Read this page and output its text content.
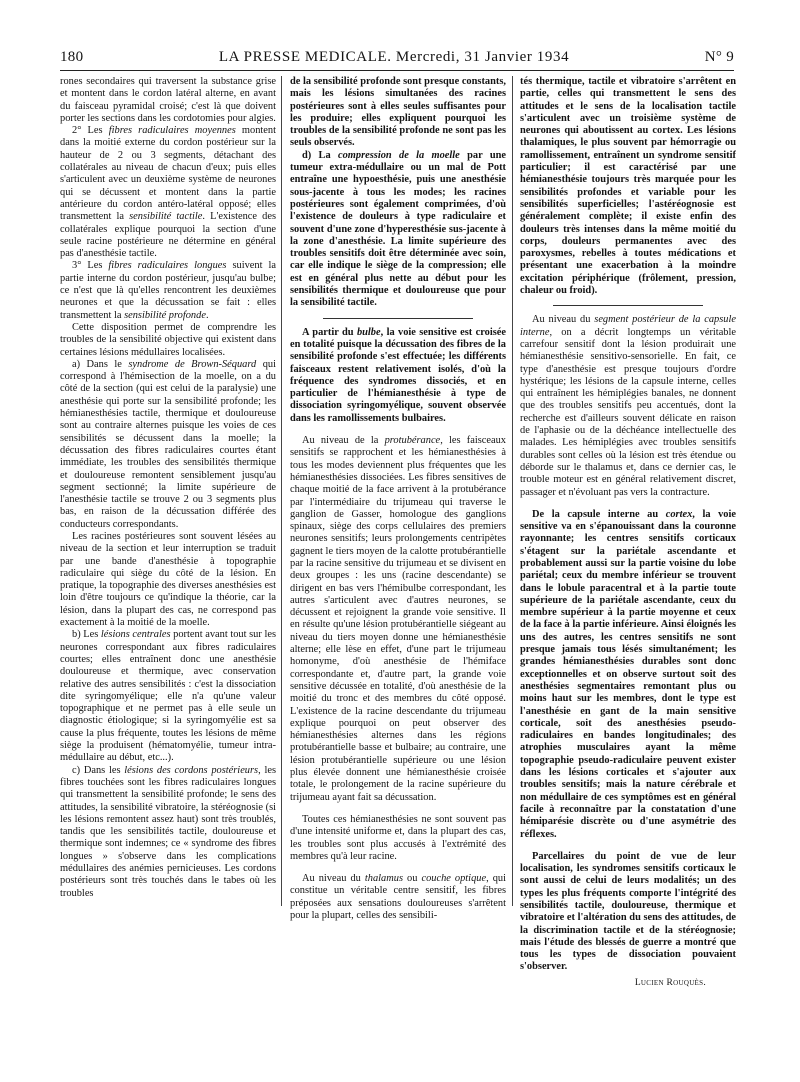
180	LA PRESSE MEDICALE. Mercredi, 31 Janvier 1934	N° 9

rones secondaires qui traversent la substance grise et montent dans le cordon latéral alterne, en avant du faisceau pyramidal croisé; c'est là que doivent porter les sections dans les cordotomies pour algies.

2° Les fibres radiculaires moyennes montent dans la moitié externe du cordon postérieur sur la hauteur de 2 ou 3 segments, détachant des collatérales au niveau de chacun d'eux; puis elles s'articulent avec un deuxième système de neurones qui se décussent et montent dans la partie antérieure du cordon antéro-latéral opposé; elles transmettent la sensibilité tactile. L'existence des collatérales explique pourquoi la section d'une seule racine postérieure ne détermine en général pas d'anesthésie tactile.

3° Les fibres radiculaires longues suivent la partie interne du cordon postérieur, jusqu'au bulbe; ce n'est que là qu'elles rencontrent les deuxièmes neurones et que la décussation se fait : elles transmettent la sensibilité profonde.

Cette disposition permet de comprendre les troubles de la sensibilité objective qui existent dans certaines lésions médullaires localisées.

a) Dans le syndrome de Brown-Séquard qui correspond à l'hémisection de la moelle, on a du côté de la section (qui est celui de la paralysie) une anesthésie qui porte sur la sensibilité profonde; les hémianesthésies tactile, thermique et douloureuse sont au contraire alternes puisque les voies de ces sensibilités se décussent dans la moelle; la décussation des fibres radiculaires courtes étant immédiate, les troubles des sensibilités thermique et douloureuse remontent sensiblement jusqu'au segment sectionné; la limite supérieure de l'anesthésie tactile se trouve 2 ou 3 segments plus bas, en raison de la décussation différée des conducteurs correspondants.

Les racines postérieures sont souvent lésées au niveau de la section et leur interruption se traduit par une bande d'anesthésie à topographie radiculaire qui siège du côté de la lésion. En pratique, la topographie des diverses anesthésies est loin d'être toujours ce qu'indique la théorie, car la lésion, dans la plupart des cas, ne correspond pas exactement à la moitié de la moelle.

b) Les lésions centrales portent avant tout sur les neurones correspondant aux fibres radiculaires courtes; elles entraînent donc une anesthésie douloureuse et thermique, avec conservation relative des autres sensibilités : c'est la dissociation dite syringomyélique; elle n'a qu'une valeur topographique et ne permet pas à elle seule un diagnostic étiologique; si la syringomyélie est sa cause la plus fréquente, toutes les lésions de même siège la produisent (hématomyélie, tumeur intra-médullaire au début, etc...).

c) Dans les lésions des cordons postérieurs, les fibres touchées sont les fibres radiculaires longues qui transmettent la sensibilité profonde; le sens des attitudes, la sensibilité vibratoire, la stéréognosie (si les lésions remontent assez haut) sont très troublés, tandis que les sensibilités tactile, douloureuse et thermique sont indemnes; ce « syndrome des fibres longues » s'observe dans les complications médullaires des anémies pernicieuses. Les cordons postérieurs sont très touchés dans le tabes où les troubles

de la sensibilité profonde sont presque constants, mais les lésions simultanées des racines postérieures sont à elles seules suffisantes pour les produire; elles expliquent pourquoi les troubles de la sensibilité profonde ne sont pas les seuls observés.

d) La compression de la moelle par une tumeur extra-médullaire ou un mal de Pott entraîne une hypoesthésie, puis une anesthésie sous-jacente à tous les modes; les racines postérieures sont également comprimées, d'où l'existence de douleurs à type radiculaire et souvent d'une zone d'hyperesthésie sus-jacente à la zone d'anesthésie. La limite supérieure des troubles sensitifs doit être déterminée avec soin, car elle indique le siège de la compression; elle est en général plus nette au début pour les sensibilités thermique et douloureuse que pour la sensibilité tactile.

A partir du bulbe, la voie sensitive est croisée en totalité puisque la décussation des fibres de la sensibilité profonde s'est effectuée; les différents faisceaux restent relativement isolés, d'où la fréquence des syndromes dissociés, et en particulier de l'hémianesthésie à type de dissociation syringomyélique, souvent observée dans les ramollissements bulbaires.

Au niveau de la protubérance, les faisceaux sensitifs se rapprochent et les hémianesthésies à tous les modes deviennent plus fréquentes que les hémianesthésies dissociées. Les fibres sensitives de chaque moitié de la face arrivent à la protubérance par l'intermédiaire du trijumeau qui traverse le ganglion de Gasser, homologue des ganglions spinaux, siège des corps cellulaires des premiers neurones sensitifs; leurs prolongements centripètes gagnent le tiers moyen de la calotte protubérantielle par la racine sensitive du trijumeau et se divisent en deux groupes : les uns (racine descendante) se dirigent en bas vers l'hémibulbe correspondant, les autres s'articulent avec d'autres neurones, se décussent et rejoignent la grande voie sensitive. Il en résulte qu'une lésion protubérantielle siégeant au niveau du tiers moyen donne une hémianesthésie alterne; elle lèse en effet, d'une part le trijumeau homonyme, d'où anesthésie de l'hémiface correspondante et, d'autre part, la grande voie sensitive décussée en totalité, d'où anesthésie de la moitié du tronc et des membres du côté opposé. L'existence de la racine descendante du trijumeau explique pourquoi on peut observer des hémianesthésies alternes dans les régions protubérantielle basse et bulbaire; au contraire, une lésion protubérantielle supérieure ou une lésion plus élevée donnent une hémianesthésie croisée totale, le prolongement de la racine supérieure du trijumeau ayant fait sa décussation.

Toutes ces hémianesthésies ne sont souvent pas d'une intensité uniforme et, dans la plupart des cas, les troubles sont plus accusés à l'extrémité des membres qu'à leur racine.

Au niveau du thalamus ou couche optique, qui constitue un véritable centre sensitif, les fibres préposées aux sensations douloureuses s'arrêtent pour la plupart, celles des sensibili-

tés thermique, tactile et vibratoire s'arrêtent en partie, celles qui transmettent le sens des attitudes et le sens de la localisation tactile s'articulent avec un troisième système de neurones qui aboutissent au cortex. Les lésions thalamiques, le plus souvent par hémorragie ou ramollissement, entraînent un syndrome sensitif particulier; il est caractérisé par une hémianesthésie toujours très marquée pour les sensibilités profondes et variable pour les sensibilités superficielles; l'astéréognosie est généralement complète; il existe enfin des douleurs très intenses dans la même moitié du corps, douleurs permanentes avec des paroxysmes, rebelles à toutes médications et présentant une exacerbation à la moindre excitation périphérique (frôlement, pression, chaleur ou froid).

Au niveau du segment postérieur de la capsule interne, on a décrit longtemps un véritable carrefour sensitif dont la lésion produirait une hémianesthésie sensitivo-sensorielle. En fait, ce type d'anesthésie est presque toujours d'ordre hystérique; les lésions de la capsule interne, celles qui entraînent les hémiplégies banales, ne donnent que des troubles sensitifs peu accentués, dont la recherche est d'ailleurs souvent délicate en raison de l'aphasie ou de la déchéance intellectuelle des malades. Les hémiplégies avec troubles sensitifs durables sont celles où la lésion est très étendue ou déborde sur le thalamus et, dans ce dernier cas, le trouble moteur est en général relativement discret, passager et n'évoluant pas vers la contracture.

De la capsule interne au cortex, la voie sensitive va en s'épanouissant dans la couronne rayonnante; les centres sensitifs corticaux s'étagent sur la pariétale ascendante et probablement aussi sur la partie voisine du lobe pariétal; ceux du membre inférieur se trouvent dans le lobule paracentral et à la partie toute supérieure de la pariétale ascendante, ceux du membre supérieur à la partie moyenne et ceux de la face à la partie inférieure. Ainsi éloignés les uns des autres, les centres sensitifs ne sont presque jamais tous lésés simultanément; les grandes hémianesthésies durables sont donc exceptionnelles et on observe surtout soit des anesthésies segmentaires remontant plus ou moins haut sur les membres, dont le type est l'anesthésie en gant de la main sensitive corticale, soit des anesthésies pseudo-radiculaires en bandes longitudinales; des atrophies musculaires ayant la même topographie pseudo-radiculaire peuvent exister dans les lésions corticales et s'ajouter aux troubles sensitifs; mais la nature cérébrale et non médullaire de ces symptômes est en général facile à reconnaître par la constatation d'une hémiparésie discrète ou d'une asymétrie des réflexes.

Parcellaires du point de vue de leur localisation, les syndromes sensitifs corticaux le sont aussi de celui de leurs modalités; un des types les plus fréquents comporte l'intégrité des sensibilités tactile, douloureuse, thermique et vibratoire et l'altération du sens des attitudes, de la discrimination tactile et de la stéréognosie; mais l'étude des blessés de guerre a montré que tous les types de dissociation pouvaient s'observer.

Lucien Rouquès.
